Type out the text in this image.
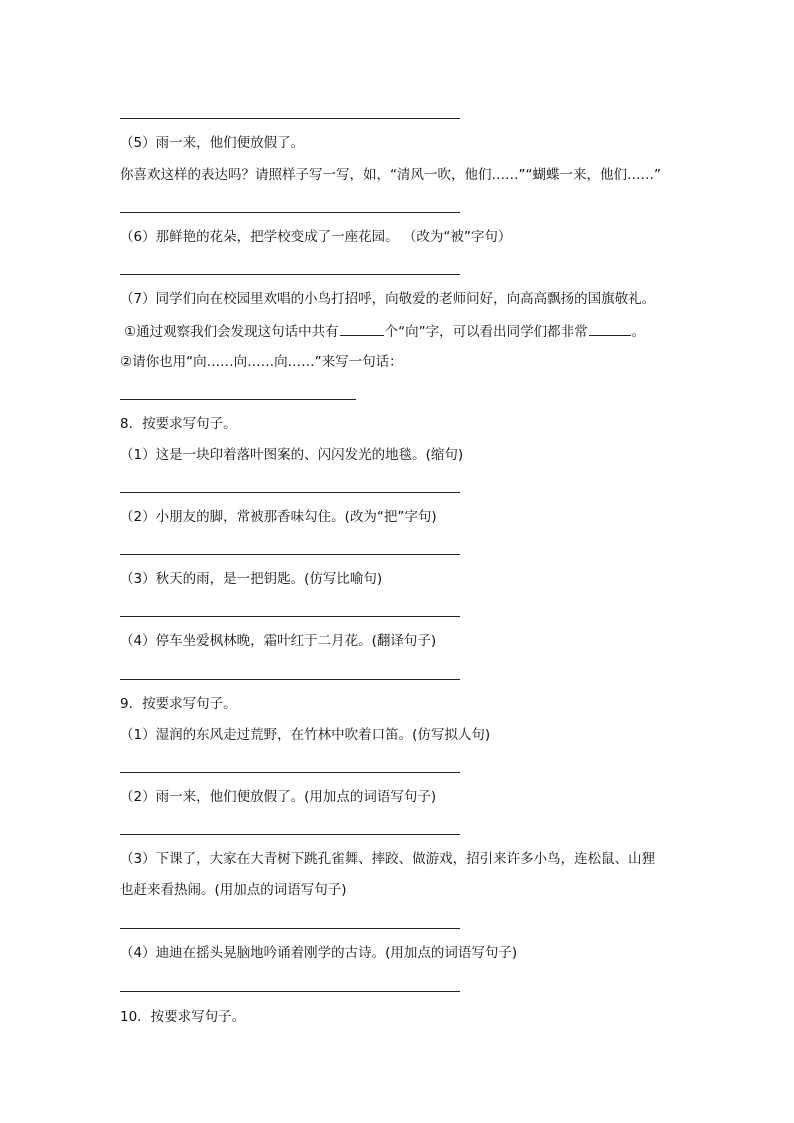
（5）雨一来，他们便放假了。
你喜欢这样的表达吗？请照样子写一写，如，“清风一吹，他们……”“蝴蝶一来，他们……”
（6）那鲜艳的花朵，把学校变成了一座花园。 （改为“被”字句）
（7）同学们向在校园里欢唱的小鸟打招呼，向敬爱的老师问好，向高高飘扬的国旗敬礼。
①通过观察我们会发现这句话中共有	个“向”字，可以看出同学们都非常	。
②请你也用“向……向……向……”来写一句话：
8．按要求写句子。
（1）这是一块印着落叶图案的、闪闪发光的地毯。(缩句)
（2）小朋友的脚，常被那香味勾住。(改为“把”字句)
（3）秋天的雨，是一把钥匙。(仿写比喻句)
（4）停车坐爱枫林晚，霜叶红于二月花。(翻译句子)
9．按要求写句子。
（1）湿润的东风走过荒野，在竹林中吹着口笛。(仿写拟人句)
（2）雨一来，他们便放假了。(用加点的词语写句子)
（3）下课了，大家在大青树下跳孔雀舞、摔跤、做游戏，招引来许多小鸟，连松鼠、山狸
也赶来看热闹。(用加点的词语写句子)
（4）迪迪在摇头晃脑地吟诵着刚学的古诗。(用加点的词语写句子)
10．按要求写句子。
